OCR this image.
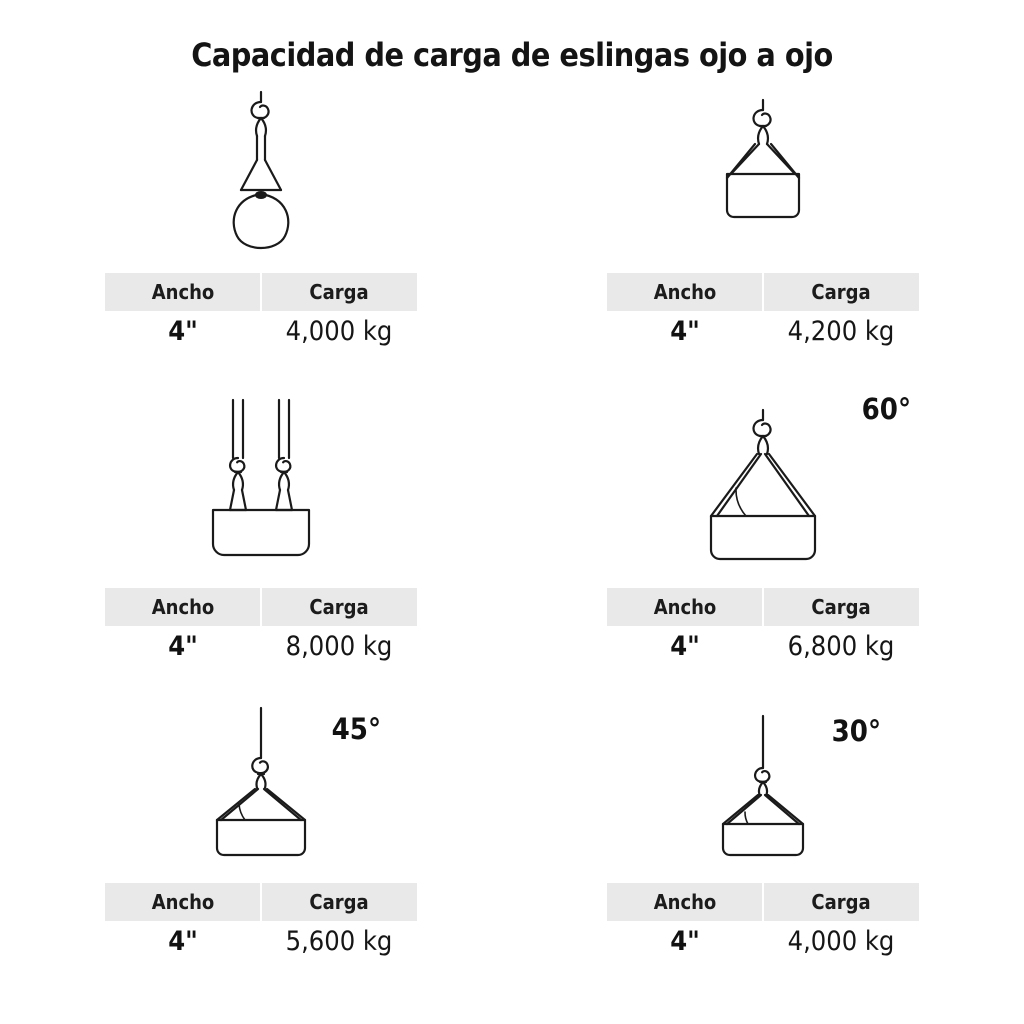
Capacidad de carga de eslingas ojo a ojo
Ancho	Carga
4"	4,000 kg
Ancho	Carga
4"	4,200 kg
Ancho	Carga
4"	8,000 kg
60°
Ancho	Carga
4"	6,800 kg
45°
Ancho	Carga
4"	5,600 kg
30°
Ancho	Carga
4"	4,000 kg
